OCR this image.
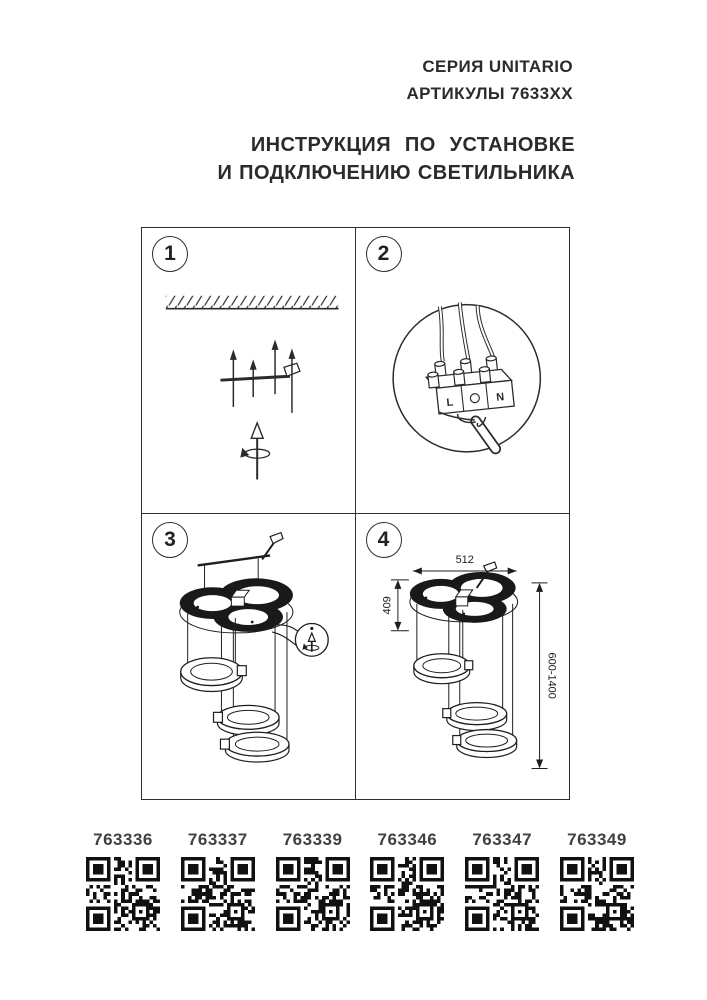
СЕРИЯ UNITARIO
АРТИКУЛЫ 7633XX
ИНСТРУКЦИЯ ПО УСТАНОВКЕ
И ПОДКЛЮЧЕНИЮ СВЕТИЛЬНИКА
1	2
L	N
3	4
512
409
600-1400
763336 763337 763339 763346 763347 763349
